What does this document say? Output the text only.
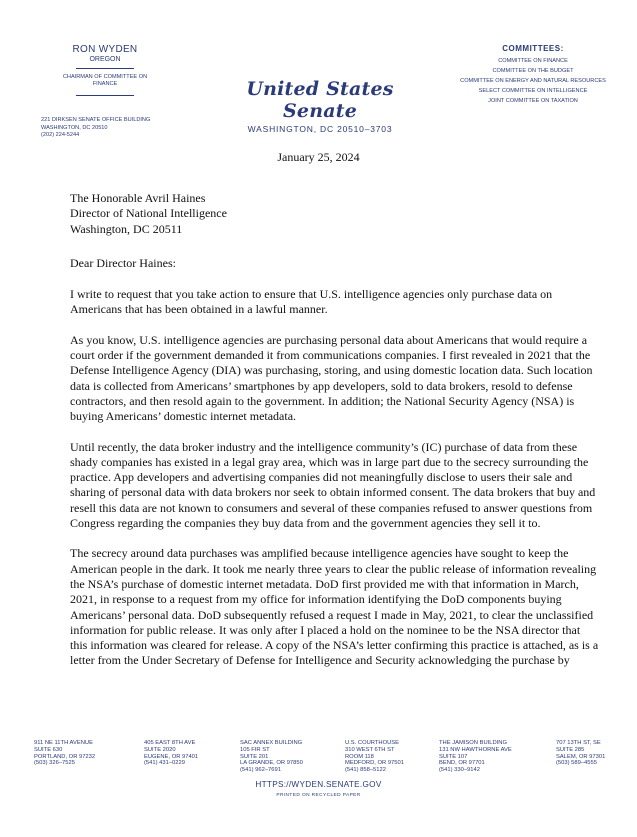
RON WYDEN
OREGON
CHAIRMAN OF COMMITTEE ON
FINANCE
221 DIRKSEN SENATE OFFICE BUILDING
WASHINGTON, DC 20510
(202) 224-5244
United States Senate
WASHINGTON, DC 20510–3703
COMMITTEES:
COMMITTEE ON FINANCE
COMMITTEE ON THE BUDGET
COMMITTEE ON ENERGY AND NATURAL RESOURCES
SELECT COMMITTEE ON INTELLIGENCE
JOINT COMMITTEE ON TAXATION
January 25, 2024
The Honorable Avril Haines
Director of National Intelligence
Washington, DC 20511
Dear Director Haines:

I write to request that you take action to ensure that U.S. intelligence agencies only purchase data on Americans that has been obtained in a lawful manner.

As you know, U.S. intelligence agencies are purchasing personal data about Americans that would require a court order if the government demanded it from communications companies. I first revealed in 2021 that the Defense Intelligence Agency (DIA) was purchasing, storing, and using domestic location data. Such location data is collected from Americans’ smartphones by app developers, sold to data brokers, resold to defense contractors, and then resold again to the government. In addition; the National Security Agency (NSA) is buying Americans’ domestic internet metadata.

Until recently, the data broker industry and the intelligence community’s (IC) purchase of data from these shady companies has existed in a legal gray area, which was in large part due to the secrecy surrounding the practice. App developers and advertising companies did not meaningfully disclose to users their sale and sharing of personal data with data brokers nor seek to obtain informed consent. The data brokers that buy and resell this data are not known to consumers and several of these companies refused to answer questions from Congress regarding the companies they buy data from and the government agencies they sell it to.

The secrecy around data purchases was amplified because intelligence agencies have sought to keep the American people in the dark. It took me nearly three years to clear the public release of information revealing the NSA’s purchase of domestic internet metadata. DoD first provided me with that information in March, 2021, in response to a request from my office for information identifying the DoD components buying Americans’ personal data. DoD subsequently refused a request I made in May, 2021, to clear the unclassified information for public release. It was only after I placed a hold on the nominee to be the NSA director that this information was cleared for release. A copy of the NSA’s letter confirming this practice is attached, as is a letter from the Under Secretary of Defense for Intelligence and Security acknowledging the purchase by

911 NE 11TH AVENUE
SUITE 630
PORTLAND, OR 97232
(503) 326–7525
405 EAST 8TH AVE
SUITE 2020
EUGENE, OR 97401
(541) 431–0229
SAC ANNEX BUILDING
105 FIR ST
SUITE 201
LA GRANDE, OR 97850
(541) 962–7691
U.S. COURTHOUSE
310 WEST 6TH ST
ROOM 118
MEDFORD, OR 97501
(541) 858–5122
THE JAMISON BUILDING
131 NW HAWTHORNE AVE
SUITE 107
BEND, OR 97701
(541) 330–9142
707 13TH ST, SE
SUITE 285
SALEM, OR 97301
(503) 589–4555
HTTPS://WYDEN.SENATE.GOV
PRINTED ON RECYCLED PAPER
